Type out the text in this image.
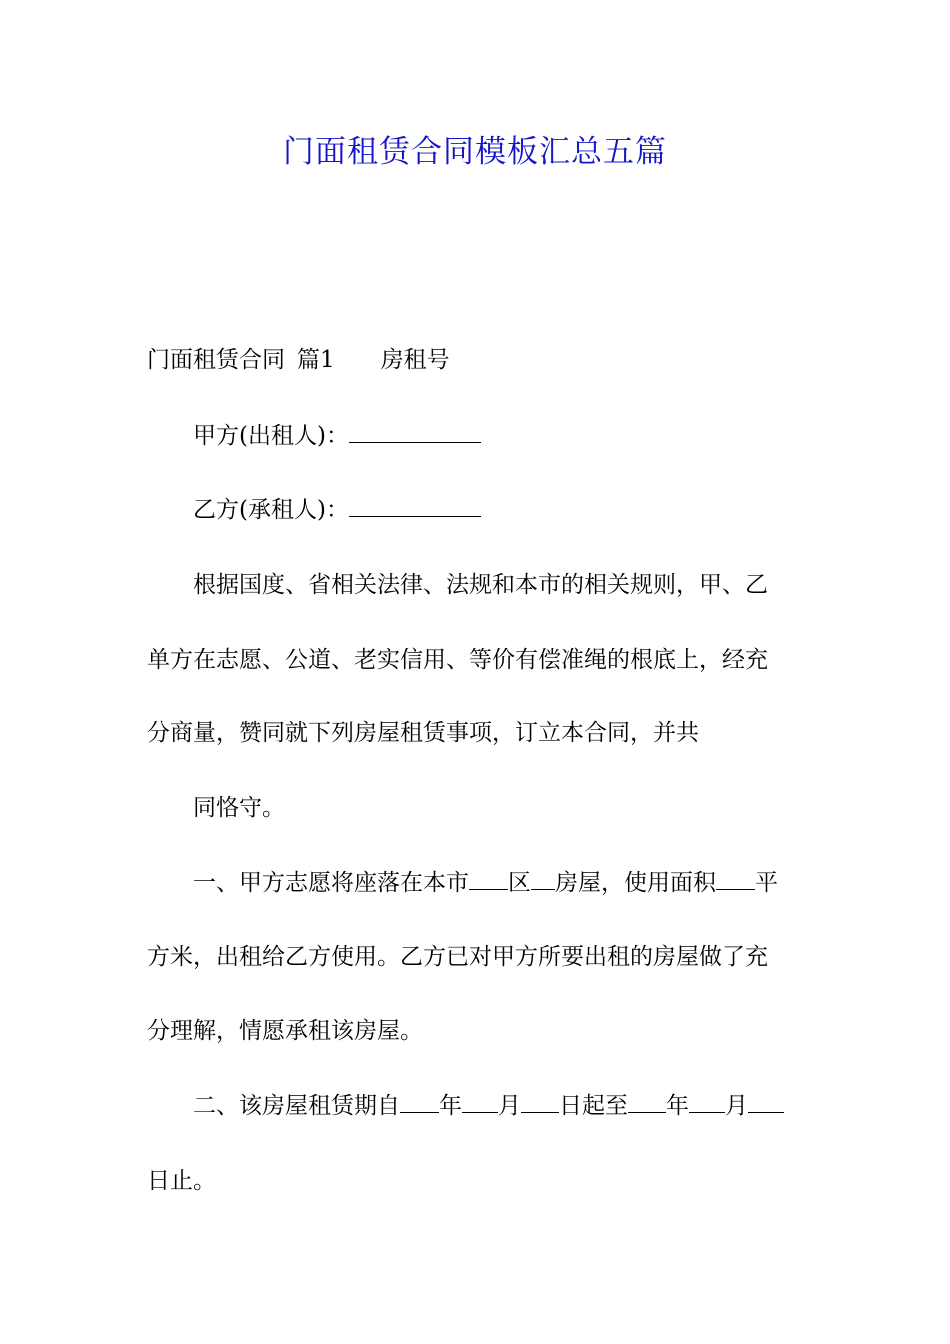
门面租赁合同模板汇总五篇
门面租赁合同 篇1 房租号
甲方(出租人)：
乙方(承租人)：
根据国度、省相关法律、法规和本市的相关规则，甲、乙
单方在志愿、公道、老实信用、等价有偿准绳的根底上，经充
分商量，赞同就下列房屋租赁事项，订立本合同，并共
同恪守。
一、甲方志愿将座落在本市 区 房屋，使用面积 平
方米，出租给乙方使用。乙方已对甲方所要出租的房屋做了充
分理解，情愿承租该房屋。
二、该房屋租赁期自 年 月 日起至 年 月
日止。
